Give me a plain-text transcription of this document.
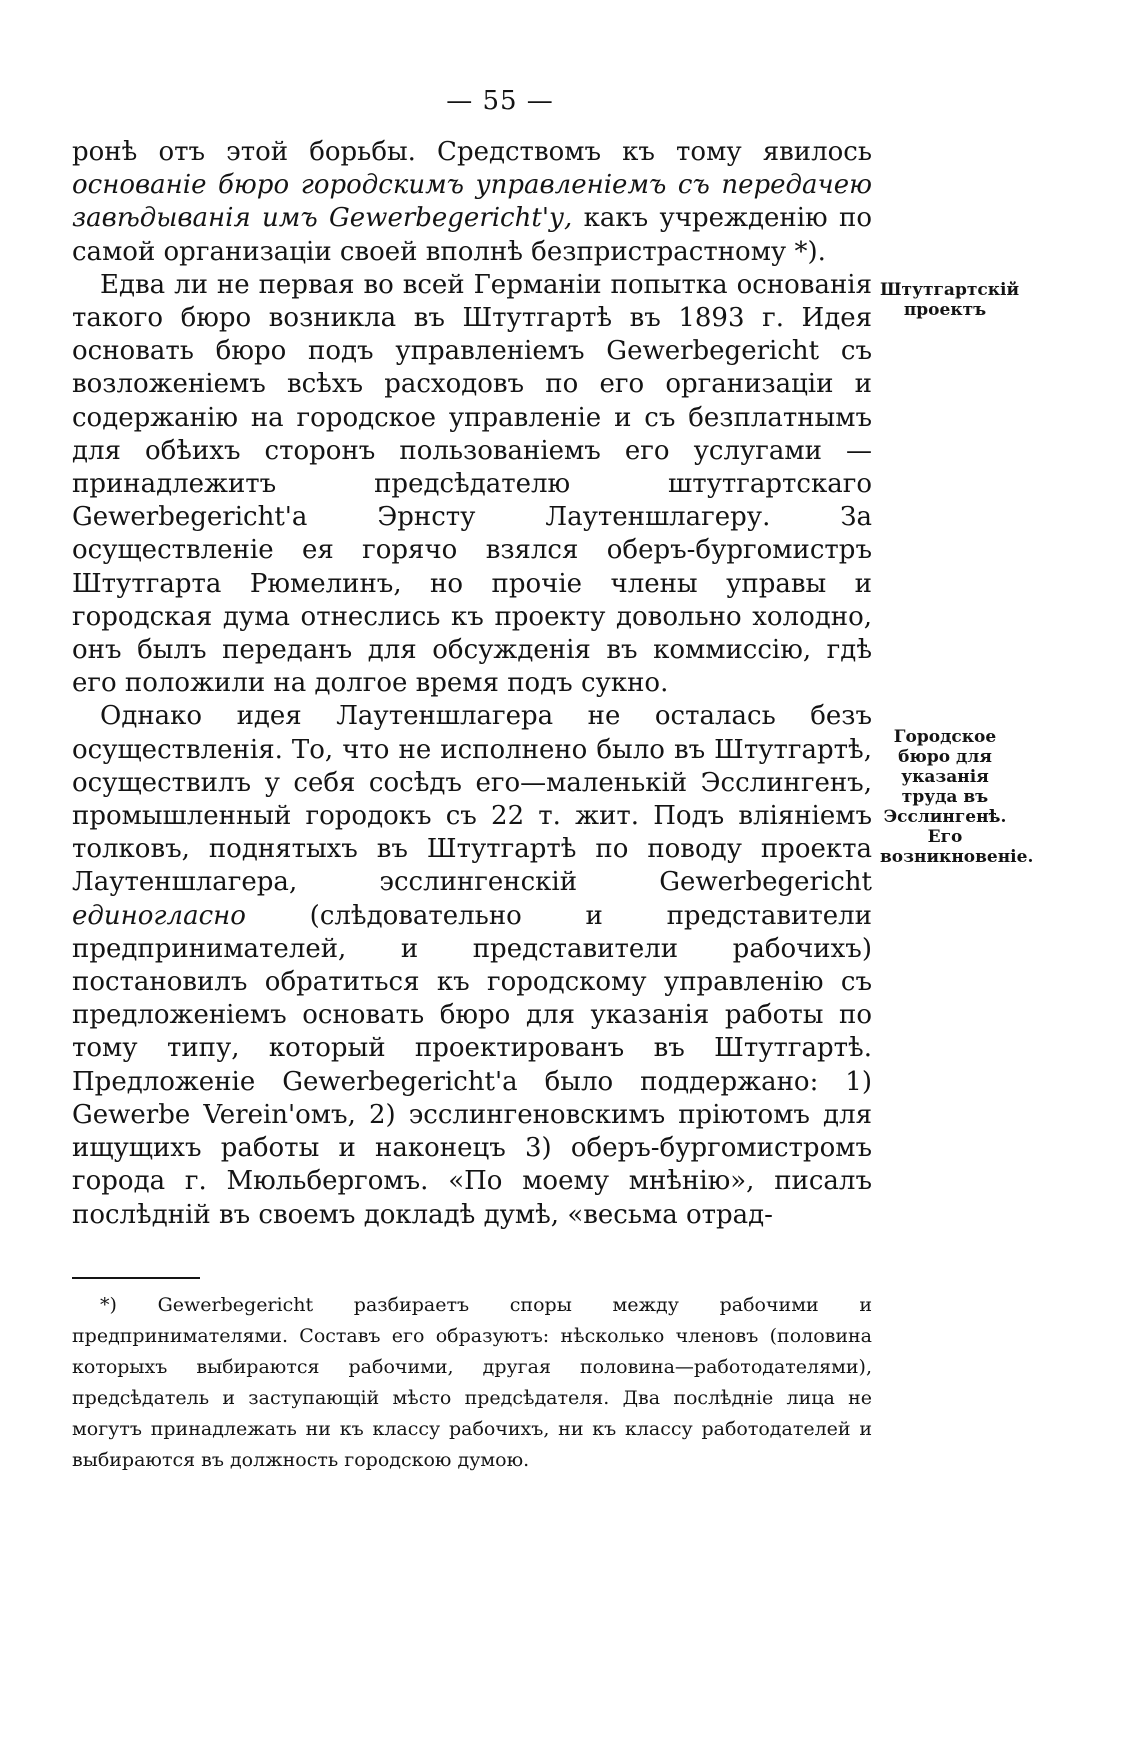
— 55 —

ронѣ отъ этой борьбы. Средствомъ къ тому явилось основаніе бюро городскимъ управленіемъ съ передачею завѣдыванія имъ Gewerbegericht'у, какъ учрежденію по самой организаціи своей вполнѣ безпристрастному *).

Едва ли не первая во всей Германіи попытка основанія такого бюро возникла въ Штутгартѣ въ 1893 г. Идея основать бюро подъ управленіемъ Gewerbegericht съ возложеніемъ всѣхъ расходовъ по его организаціи и содержанію на городское управленіе и съ безплатнымъ для обѣихъ сторонъ пользованіемъ его услугами — принадлежитъ предсѣдателю штутгартскаго Gewerbegericht'a Эрнсту Лаутеншлагеру. За осуществленіе ея горячо взялся оберъ-бургомистръ Штутгарта Рюмелинъ, но прочіе члены управы и городская дума отнеслись къ проекту довольно холодно, онъ былъ переданъ для обсужденія въ коммиссію, гдѣ его положили на долгое время подъ сукно.

Однако идея Лаутеншлагера не осталась безъ осуществленія. То, что не исполнено было въ Штутгартѣ, осуществилъ у себя сосѣдъ его—маленькій Эсслингенъ, промышленный городокъ съ 22 т. жит. Подъ вліяніемъ толковъ, поднятыхъ въ Штутгартѣ по поводу проекта Лаутеншлагера, эсслингенскій Gewerbegericht единогласно (слѣдовательно и представители предпринимателей, и представители рабочихъ) постановилъ обратиться къ городскому управленію съ предложеніемъ основать бюро для указанія работы по тому типу, который проектированъ въ Штутгартѣ. Предложеніе Gewerbegericht'a было поддержано: 1) Gewerbe Verein'омъ, 2) эсслингеновскимъ пріютомъ для ищущихъ работы и наконецъ 3) оберъ-бургомистромъ города г. Мюльбергомъ. «По моему мнѣнію», писалъ послѣдній въ своемъ докладѣ думѣ, «весьма отрад-

Штутгартскій проектъ
Городское бюро для указанія труда въ Эсслингенѣ. Его возникновеніе.

*) Gewerbegericht разбираетъ споры между рабочими и предпринимателями. Составъ его образуютъ: нѣсколько членовъ (половина которыхъ выбираются рабочими, другая половина—работодателями), предсѣдатель и заступающій мѣсто предсѣдателя. Два послѣдніе лица не могутъ принадлежать ни къ классу рабочихъ, ни къ классу работодателей и выбираются въ должность городскою думою.
